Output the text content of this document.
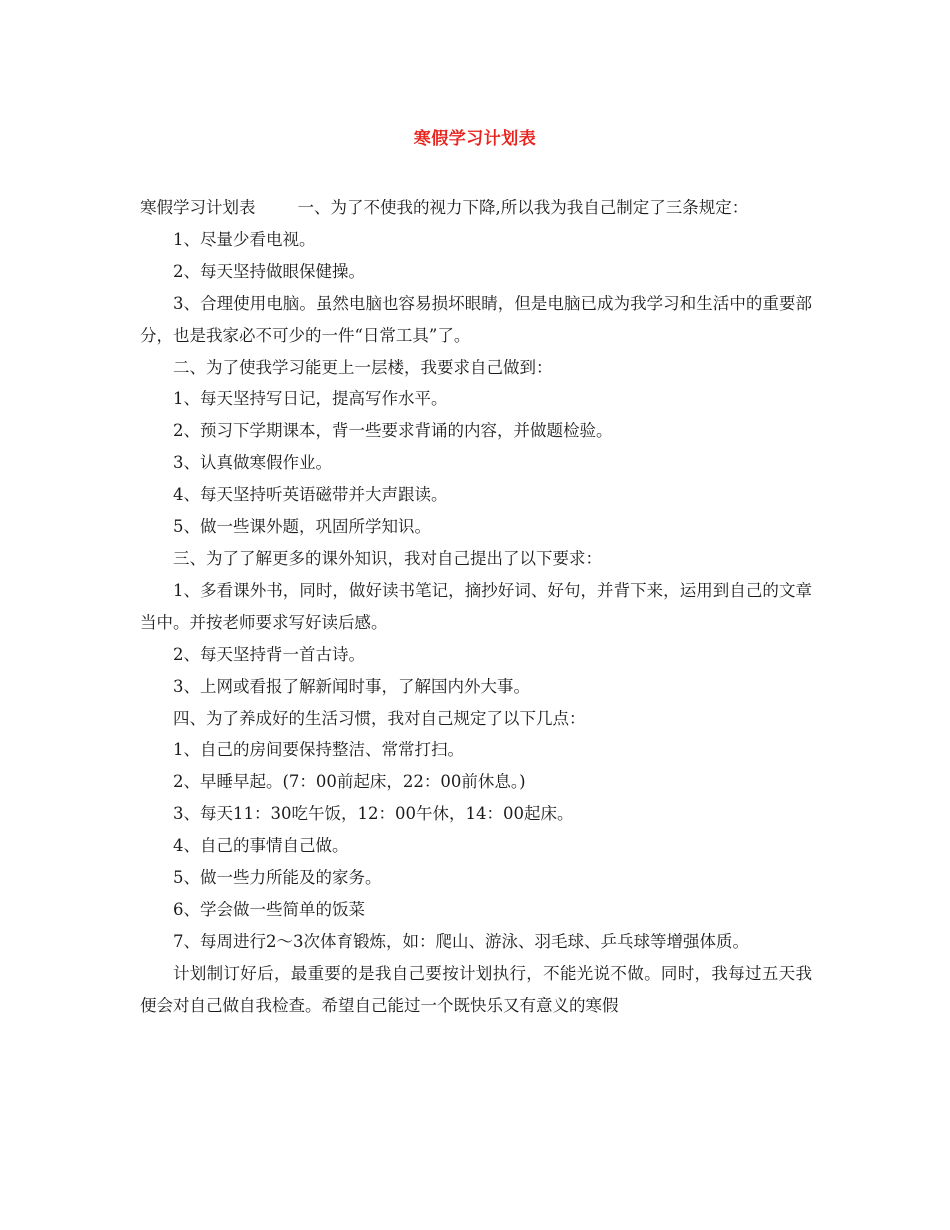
寒假学习计划表

寒假学习计划表	一、为了不使我的视力下降,所以我为我自己制定了三条规定：

1、尽量少看电视。

2、每天坚持做眼保健操。

3、合理使用电脑。虽然电脑也容易损坏眼睛，但是电脑已成为我学习和生活中的重要部分，也是我家必不可少的一件“日常工具”了。

二、为了使我学习能更上一层楼，我要求自己做到：

1、每天坚持写日记，提高写作水平。

2、预习下学期课本，背一些要求背诵的内容，并做题检验。

3、认真做寒假作业。

4、每天坚持听英语磁带并大声跟读。

5、做一些课外题，巩固所学知识。

三、为了了解更多的课外知识，我对自己提出了以下要求：

1、多看课外书，同时，做好读书笔记，摘抄好词、好句，并背下来，运用到自己的文章当中。并按老师要求写好读后感。

2、每天坚持背一首古诗。

3、上网或看报了解新闻时事，了解国内外大事。

四、为了养成好的生活习惯，我对自己规定了以下几点：

1、自己的房间要保持整洁、常常打扫。

2、早睡早起。(7：00前起床，22：00前休息。)

3、每天11：30吃午饭，12：00午休，14：00起床。

4、自己的事情自己做。

5、做一些力所能及的家务。

6、学会做一些简单的饭菜

7、每周进行2～3次体育锻炼，如：爬山、游泳、羽毛球、乒乓球等增强体质。

计划制订好后，最重要的是我自己要按计划执行，不能光说不做。同时，我每过五天我便会对自己做自我检查。希望自己能过一个既快乐又有意义的寒假
